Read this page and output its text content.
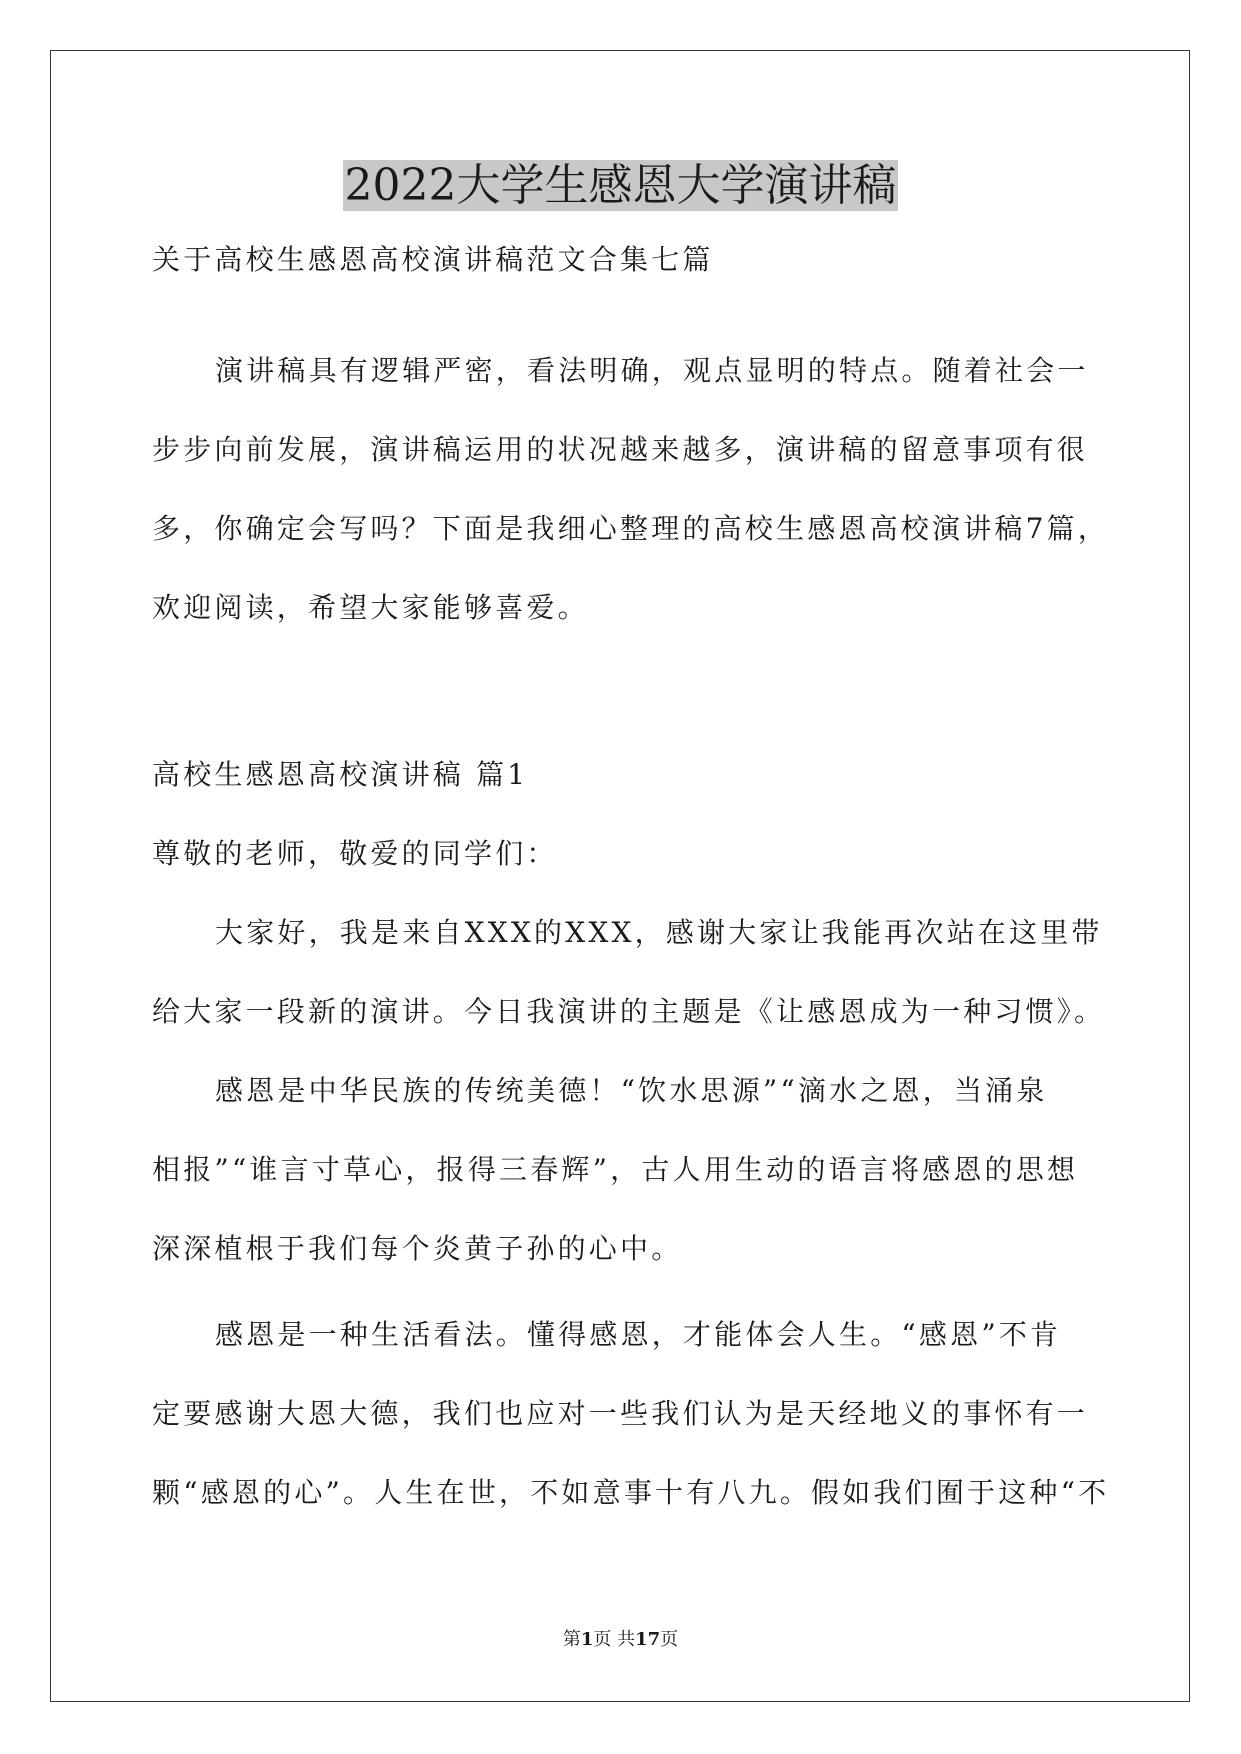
2022大学生感恩大学演讲稿
关于高校生感恩高校演讲稿范文合集七篇
演讲稿具有逻辑严密，看法明确，观点显明的特点。随着社会一
步步向前发展，演讲稿运用的状况越来越多，演讲稿的留意事项有很
多，你确定会写吗？下面是我细心整理的高校生感恩高校演讲稿7篇，
欢迎阅读，希望大家能够喜爱。
高校生感恩高校演讲稿 篇1
尊敬的老师，敬爱的同学们：
大家好，我是来自XXX的XXX，感谢大家让我能再次站在这里带
给大家一段新的演讲。今日我演讲的主题是《让感恩成为一种习惯》。
感恩是中华民族的传统美德！“饮水思源”“滴水之恩，当涌泉
相报”“谁言寸草心，报得三春辉”，古人用生动的语言将感恩的思想
深深植根于我们每个炎黄子孙的心中。
感恩是一种生活看法。懂得感恩，才能体会人生。“感恩”不肯
定要感谢大恩大德，我们也应对一些我们认为是天经地义的事怀有一
颗“感恩的心”。人生在世，不如意事十有八九。假如我们囿于这种“不
第1页 共17页
